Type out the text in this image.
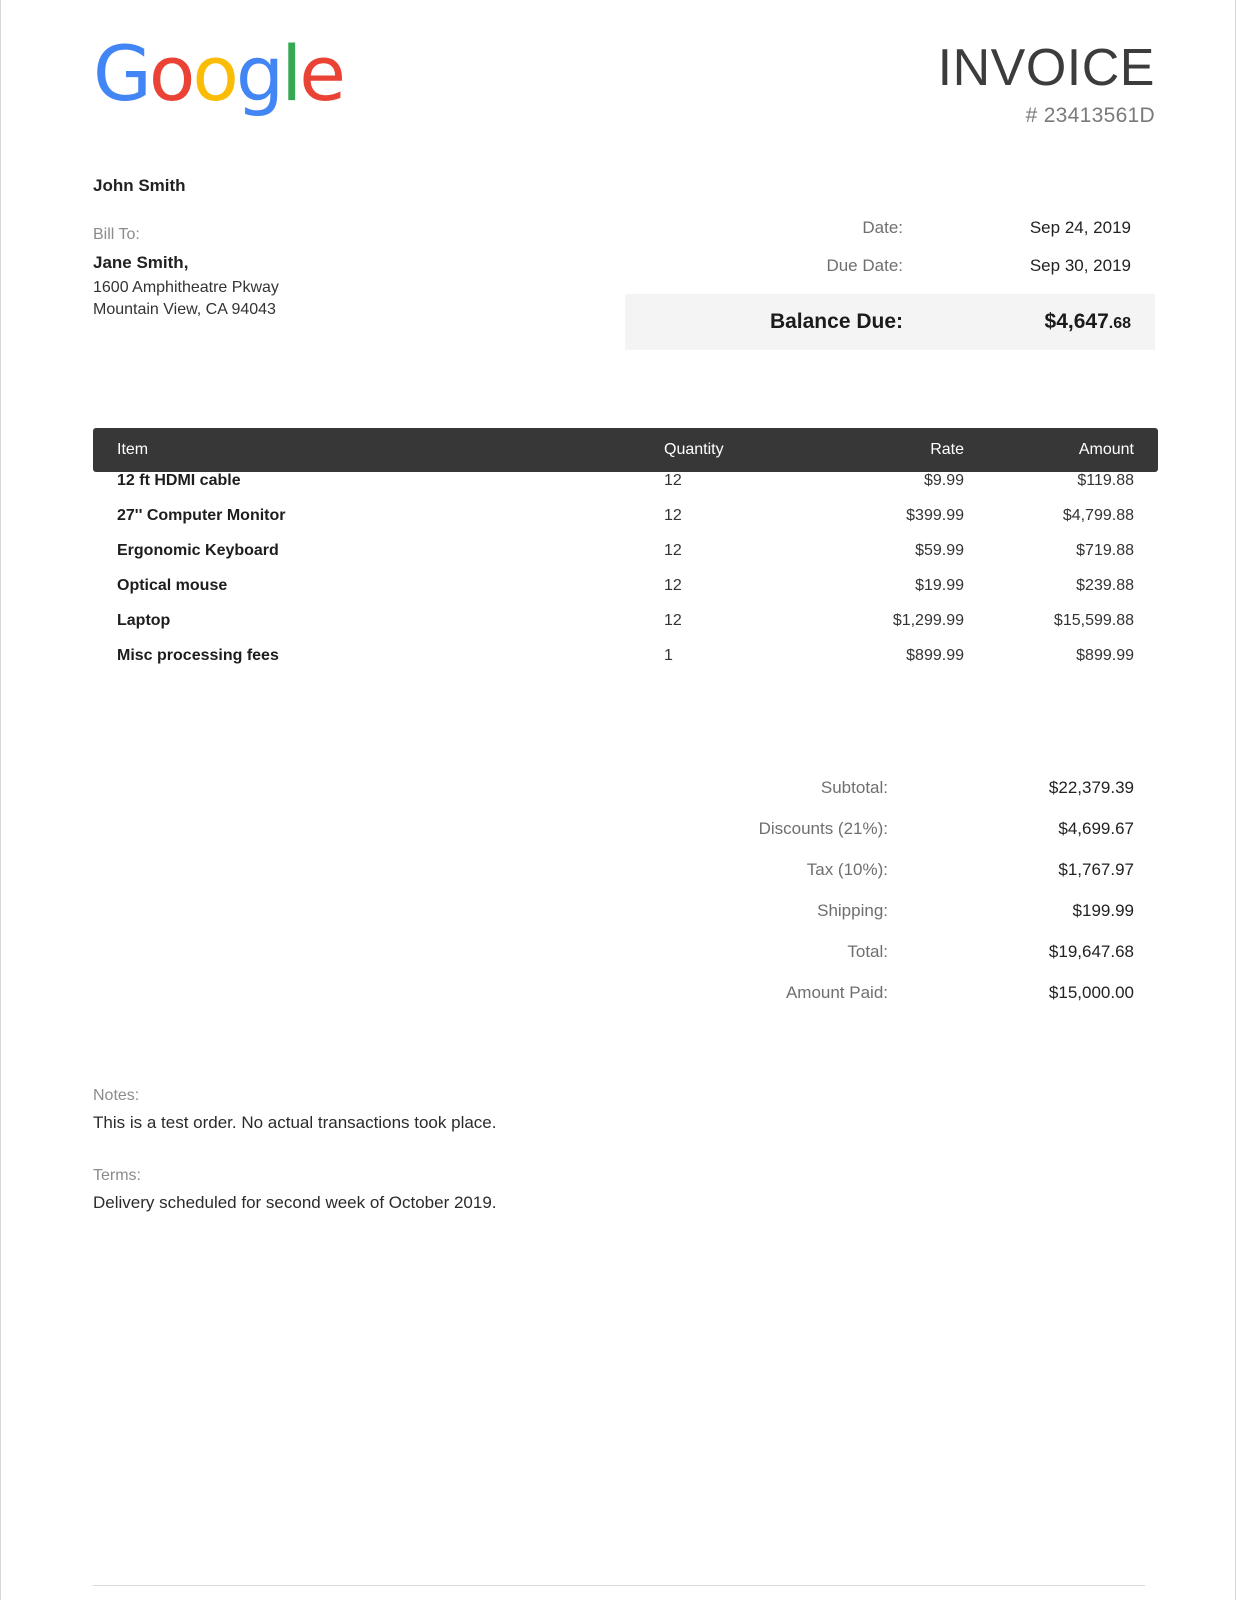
Google	INVOICE
# 23413561D
John Smith
Bill To:
Jane Smith,
1600 Amphitheatre Pkway
Mountain View, CA 94043
Date:	Sep 24, 2019
Due Date:	Sep 30, 2019
Balance Due:	$4,647.68
Item	Quantity	Rate	Amount
12 ft HDMI cable	12	$9.99	$119.88
27'' Computer Monitor	12	$399.99	$4,799.88
Ergonomic Keyboard	12	$59.99	$719.88
Optical mouse	12	$19.99	$239.88
Laptop	12	$1,299.99	$15,599.88
Misc processing fees	1	$899.99	$899.99
Subtotal:	$22,379.39
Discounts (21%):	$4,699.67
Tax (10%):	$1,767.97
Shipping:	$199.99
Total:	$19,647.68
Amount Paid:	$15,000.00
Notes:
This is a test order. No actual transactions took place.
Terms:
Delivery scheduled for second week of October 2019.
